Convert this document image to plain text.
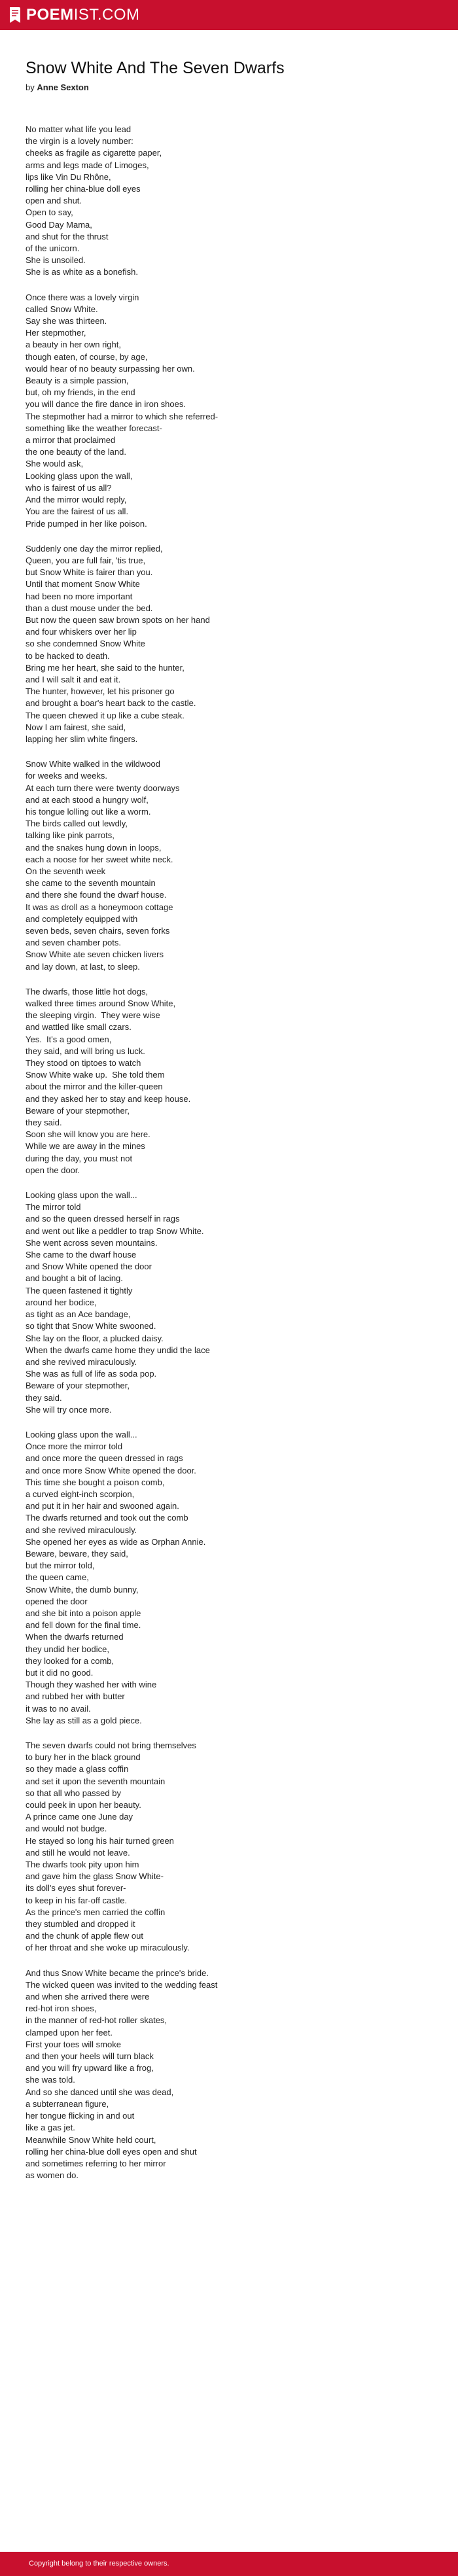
POEMIST.COM
Snow White And The Seven Dwarfs
by Anne Sexton
No matter what life you lead
the virgin is a lovely number:
cheeks as fragile as cigarette paper,
arms and legs made of Limoges,
lips like Vin Du Rhône,
rolling her china-blue doll eyes
open and shut.
Open to say,
Good Day Mama,
and shut for the thrust
of the unicorn.
She is unsoiled.
She is as white as a bonefish.
Once there was a lovely virgin
called Snow White.
Say she was thirteen.
Her stepmother,
a beauty in her own right,
though eaten, of course, by age,
would hear of no beauty surpassing her own.
Beauty is a simple passion,
but, oh my friends, in the end
you will dance the fire dance in iron shoes.
The stepmother had a mirror to which she referred-
something like the weather forecast-
a mirror that proclaimed
the one beauty of the land.
She would ask,
Looking glass upon the wall,
who is fairest of us all?
And the mirror would reply,
You are the fairest of us all.
Pride pumped in her like poison.
Suddenly one day the mirror replied,
Queen, you are full fair, 'tis true,
but Snow White is fairer than you.
Until that moment Snow White
had been no more important
than a dust mouse under the bed.
But now the queen saw brown spots on her hand
and four whiskers over her lip
so she condemned Snow White
to be hacked to death.
Bring me her heart, she said to the hunter,
and I will salt it and eat it.
The hunter, however, let his prisoner go
and brought a boar's heart back to the castle.
The queen chewed it up like a cube steak.
Now I am fairest, she said,
lapping her slim white fingers.
Snow White walked in the wildwood
for weeks and weeks.
At each turn there were twenty doorways
and at each stood a hungry wolf,
his tongue lolling out like a worm.
The birds called out lewdly,
talking like pink parrots,
and the snakes hung down in loops,
each a noose for her sweet white neck.
On the seventh week
she came to the seventh mountain
and there she found the dwarf house.
It was as droll as a honeymoon cottage
and completely equipped with
seven beds, seven chairs, seven forks
and seven chamber pots.
Snow White ate seven chicken livers
and lay down, at last, to sleep.
The dwarfs, those little hot dogs,
walked three times around Snow White,
the sleeping virgin.  They were wise
and wattled like small czars.
Yes.  It's a good omen,
they said, and will bring us luck.
They stood on tiptoes to watch
Snow White wake up.  She told them
about the mirror and the killer-queen
and they asked her to stay and keep house.
Beware of your stepmother,
they said.
Soon she will know you are here.
While we are away in the mines
during the day, you must not
open the door.
Looking glass upon the wall...
The mirror told
and so the queen dressed herself in rags
and went out like a peddler to trap Snow White.
She went across seven mountains.
She came to the dwarf house
and Snow White opened the door
and bought a bit of lacing.
The queen fastened it tightly
around her bodice,
as tight as an Ace bandage,
so tight that Snow White swooned.
She lay on the floor, a plucked daisy.
When the dwarfs came home they undid the lace
and she revived miraculously.
She was as full of life as soda pop.
Beware of your stepmother,
they said.
She will try once more.
Looking glass upon the wall...
Once more the mirror told
and once more the queen dressed in rags
and once more Snow White opened the door.
This time she bought a poison comb,
a curved eight-inch scorpion,
and put it in her hair and swooned again.
The dwarfs returned and took out the comb
and she revived miraculously.
She opened her eyes as wide as Orphan Annie.
Beware, beware, they said,
but the mirror told,
the queen came,
Snow White, the dumb bunny,
opened the door
and she bit into a poison apple
and fell down for the final time.
When the dwarfs returned
they undid her bodice,
they looked for a comb,
but it did no good.
Though they washed her with wine
and rubbed her with butter
it was to no avail.
She lay as still as a gold piece.
The seven dwarfs could not bring themselves
to bury her in the black ground
so they made a glass coffin
and set it upon the seventh mountain
so that all who passed by
could peek in upon her beauty.
A prince came one June day
and would not budge.
He stayed so long his hair turned green
and still he would not leave.
The dwarfs took pity upon him
and gave him the glass Snow White-
its doll's eyes shut forever-
to keep in his far-off castle.
As the prince's men carried the coffin
they stumbled and dropped it
and the chunk of apple flew out
of her throat and she woke up miraculously.
And thus Snow White became the prince's bride.
The wicked queen was invited to the wedding feast
and when she arrived there were
red-hot iron shoes,
in the manner of red-hot roller skates,
clamped upon her feet.
First your toes will smoke
and then your heels will turn black
and you will fry upward like a frog,
she was told.
And so she danced until she was dead,
a subterranean figure,
her tongue flicking in and out
like a gas jet.
Meanwhile Snow White held court,
rolling her china-blue doll eyes open and shut
and sometimes referring to her mirror
as women do.
Copyright belong to their respective owners.
